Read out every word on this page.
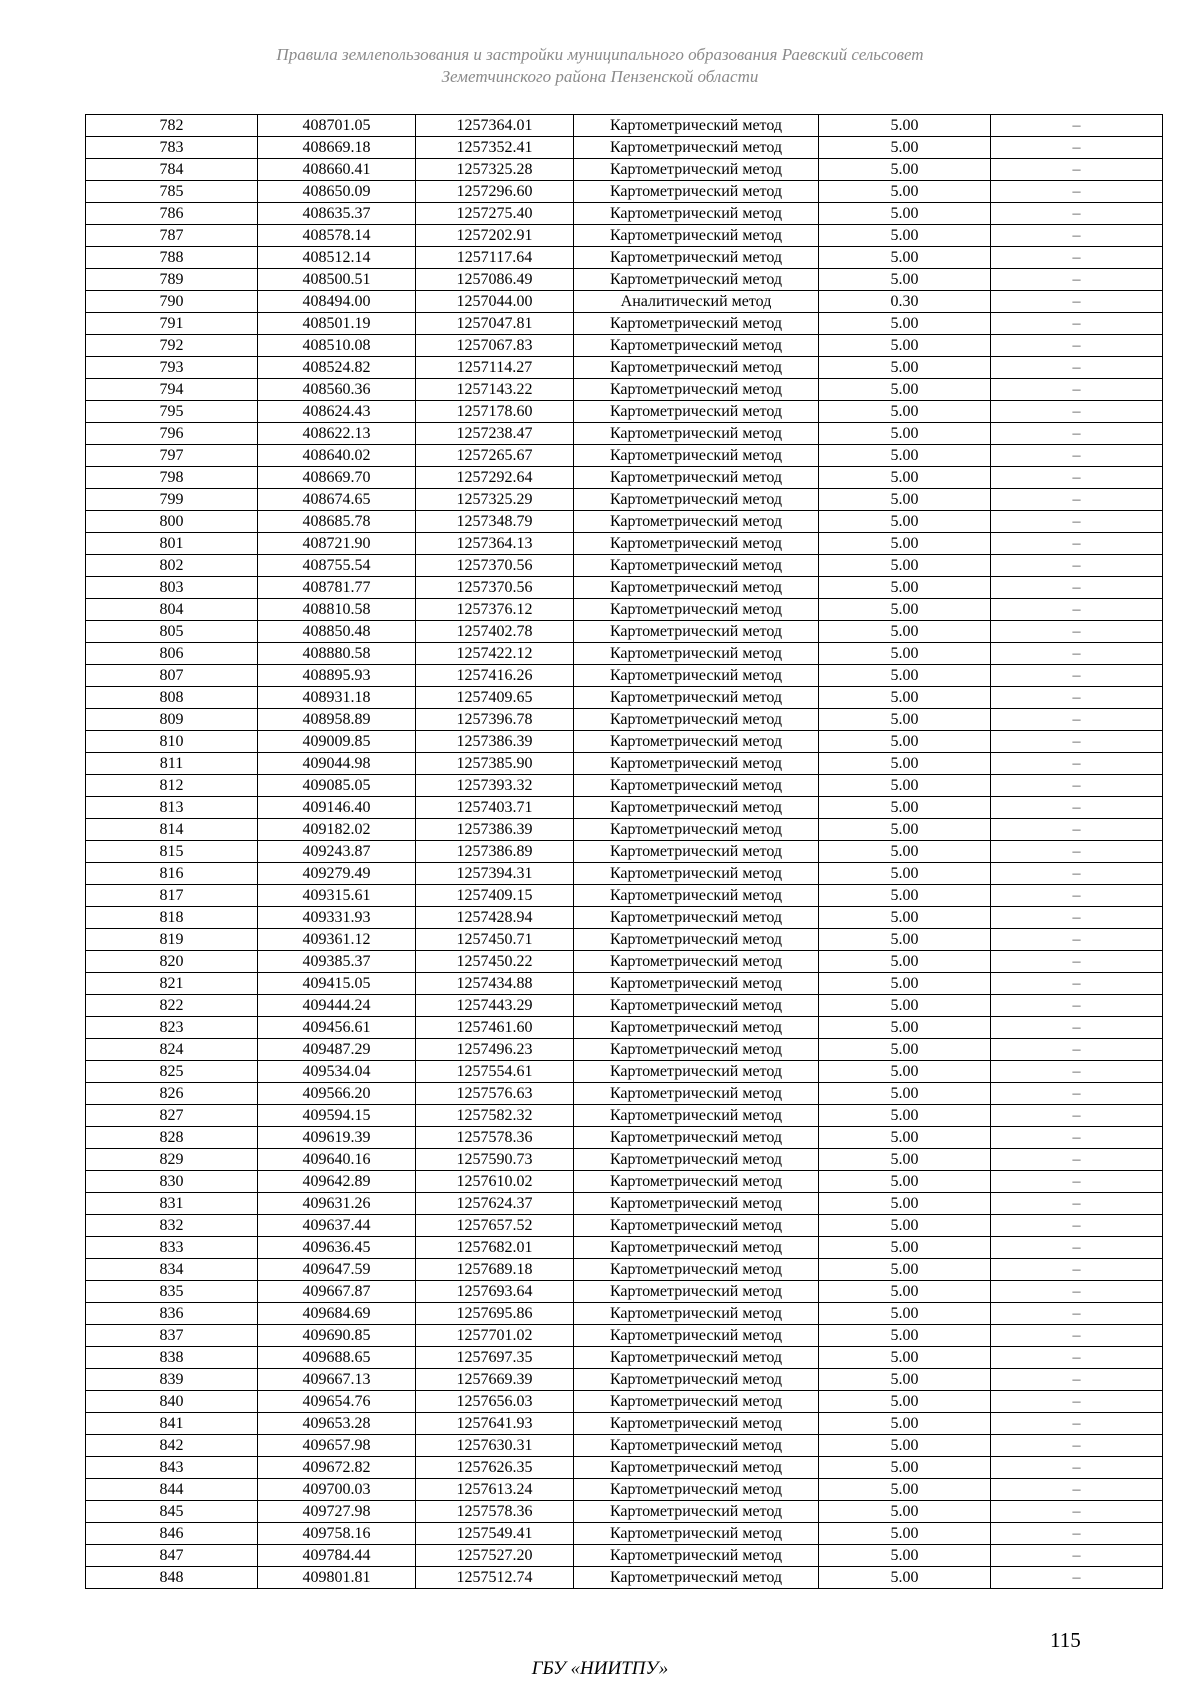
Правила землепользования и застройки муниципального образования Раевский сельсовет
Земетчинского района Пензенской области
782	408701.05	1257364.01	Картометрический метод	5.00	–
783	408669.18	1257352.41	Картометрический метод	5.00	–
784	408660.41	1257325.28	Картометрический метод	5.00	–
785	408650.09	1257296.60	Картометрический метод	5.00	–
786	408635.37	1257275.40	Картометрический метод	5.00	–
787	408578.14	1257202.91	Картометрический метод	5.00	–
788	408512.14	1257117.64	Картометрический метод	5.00	–
789	408500.51	1257086.49	Картометрический метод	5.00	–
790	408494.00	1257044.00	Аналитический метод	0.30	–
791	408501.19	1257047.81	Картометрический метод	5.00	–
792	408510.08	1257067.83	Картометрический метод	5.00	–
793	408524.82	1257114.27	Картометрический метод	5.00	–
794	408560.36	1257143.22	Картометрический метод	5.00	–
795	408624.43	1257178.60	Картометрический метод	5.00	–
796	408622.13	1257238.47	Картометрический метод	5.00	–
797	408640.02	1257265.67	Картометрический метод	5.00	–
798	408669.70	1257292.64	Картометрический метод	5.00	–
799	408674.65	1257325.29	Картометрический метод	5.00	–
800	408685.78	1257348.79	Картометрический метод	5.00	–
801	408721.90	1257364.13	Картометрический метод	5.00	–
802	408755.54	1257370.56	Картометрический метод	5.00	–
803	408781.77	1257370.56	Картометрический метод	5.00	–
804	408810.58	1257376.12	Картометрический метод	5.00	–
805	408850.48	1257402.78	Картометрический метод	5.00	–
806	408880.58	1257422.12	Картометрический метод	5.00	–
807	408895.93	1257416.26	Картометрический метод	5.00	–
808	408931.18	1257409.65	Картометрический метод	5.00	–
809	408958.89	1257396.78	Картометрический метод	5.00	–
810	409009.85	1257386.39	Картометрический метод	5.00	–
811	409044.98	1257385.90	Картометрический метод	5.00	–
812	409085.05	1257393.32	Картометрический метод	5.00	–
813	409146.40	1257403.71	Картометрический метод	5.00	–
814	409182.02	1257386.39	Картометрический метод	5.00	–
815	409243.87	1257386.89	Картометрический метод	5.00	–
816	409279.49	1257394.31	Картометрический метод	5.00	–
817	409315.61	1257409.15	Картометрический метод	5.00	–
818	409331.93	1257428.94	Картометрический метод	5.00	–
819	409361.12	1257450.71	Картометрический метод	5.00	–
820	409385.37	1257450.22	Картометрический метод	5.00	–
821	409415.05	1257434.88	Картометрический метод	5.00	–
822	409444.24	1257443.29	Картометрический метод	5.00	–
823	409456.61	1257461.60	Картометрический метод	5.00	–
824	409487.29	1257496.23	Картометрический метод	5.00	–
825	409534.04	1257554.61	Картометрический метод	5.00	–
826	409566.20	1257576.63	Картометрический метод	5.00	–
827	409594.15	1257582.32	Картометрический метод	5.00	–
828	409619.39	1257578.36	Картометрический метод	5.00	–
829	409640.16	1257590.73	Картометрический метод	5.00	–
830	409642.89	1257610.02	Картометрический метод	5.00	–
831	409631.26	1257624.37	Картометрический метод	5.00	–
832	409637.44	1257657.52	Картометрический метод	5.00	–
833	409636.45	1257682.01	Картометрический метод	5.00	–
834	409647.59	1257689.18	Картометрический метод	5.00	–
835	409667.87	1257693.64	Картометрический метод	5.00	–
836	409684.69	1257695.86	Картометрический метод	5.00	–
837	409690.85	1257701.02	Картометрический метод	5.00	–
838	409688.65	1257697.35	Картометрический метод	5.00	–
839	409667.13	1257669.39	Картометрический метод	5.00	–
840	409654.76	1257656.03	Картометрический метод	5.00	–
841	409653.28	1257641.93	Картометрический метод	5.00	–
842	409657.98	1257630.31	Картометрический метод	5.00	–
843	409672.82	1257626.35	Картометрический метод	5.00	–
844	409700.03	1257613.24	Картометрический метод	5.00	–
845	409727.98	1257578.36	Картометрический метод	5.00	–
846	409758.16	1257549.41	Картометрический метод	5.00	–
847	409784.44	1257527.20	Картометрический метод	5.00	–
848	409801.81	1257512.74	Картометрический метод	5.00	–
115
ГБУ «НИИТПУ»
